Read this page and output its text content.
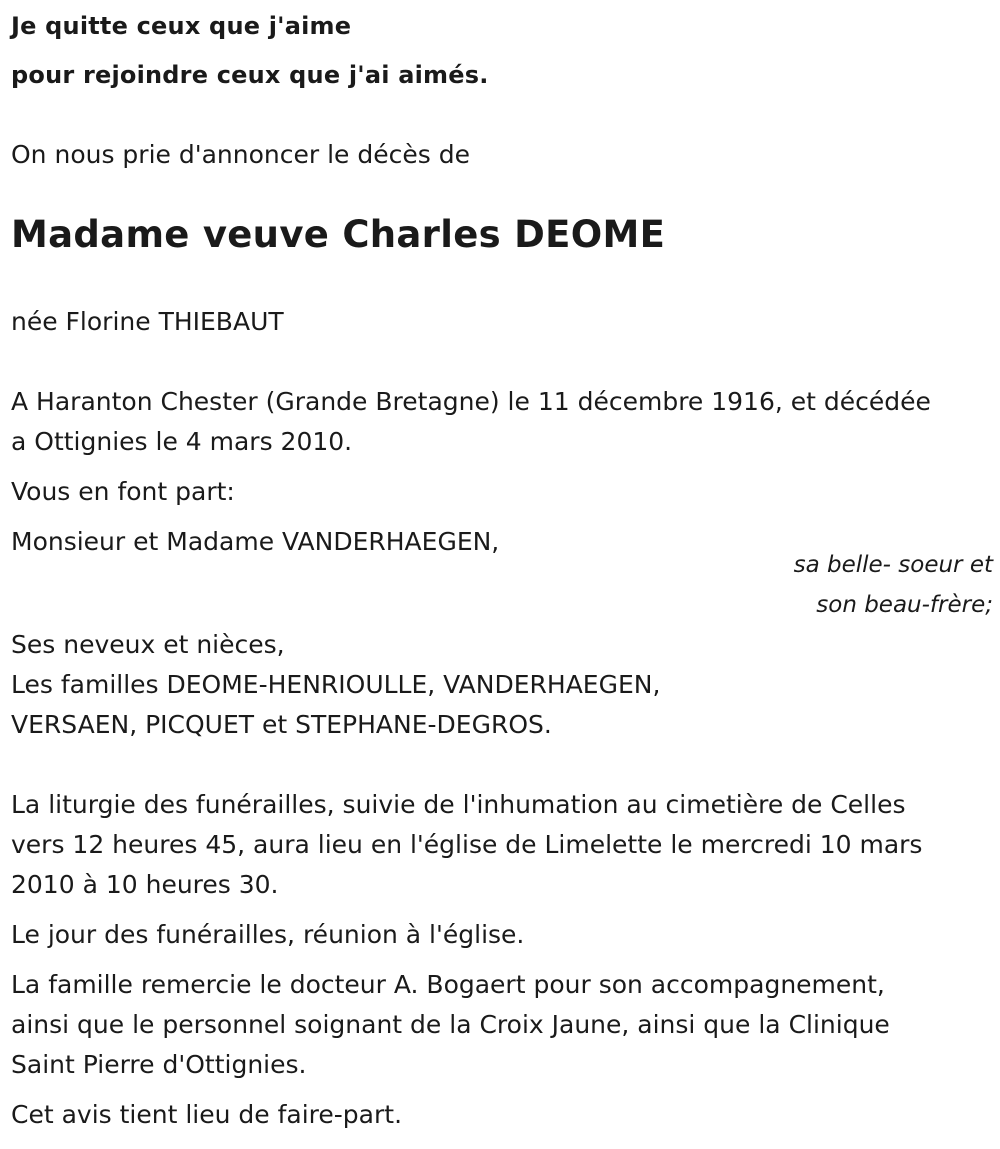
Je quitte ceux que j'aime
pour rejoindre ceux que j'ai aimés.
On nous prie d'annoncer le décès de
Madame veuve Charles DEOME
née Florine THIEBAUT
A Haranton Chester (Grande Bretagne) le 11 décembre 1916, et décédée
a Ottignies le 4 mars 2010.
Vous en font part:
Monsieur et Madame VANDERHAEGEN,
sa belle- soeur et
son beau-frère;
Ses neveux et nièces,
Les familles DEOME-HENRIOULLE, VANDERHAEGEN,
VERSAEN, PICQUET et STEPHANE-DEGROS.
La liturgie des funérailles, suivie de l'inhumation au cimetière de Celles
vers 12 heures 45, aura lieu en l'église de Limelette le mercredi 10 mars
2010 à 10 heures 30.
Le jour des funérailles, réunion à l'église.
La famille remercie le docteur A. Bogaert pour son accompagnement,
ainsi que le personnel soignant de la Croix Jaune, ainsi que la Clinique
Saint Pierre d'Ottignies.
Cet avis tient lieu de faire-part.
